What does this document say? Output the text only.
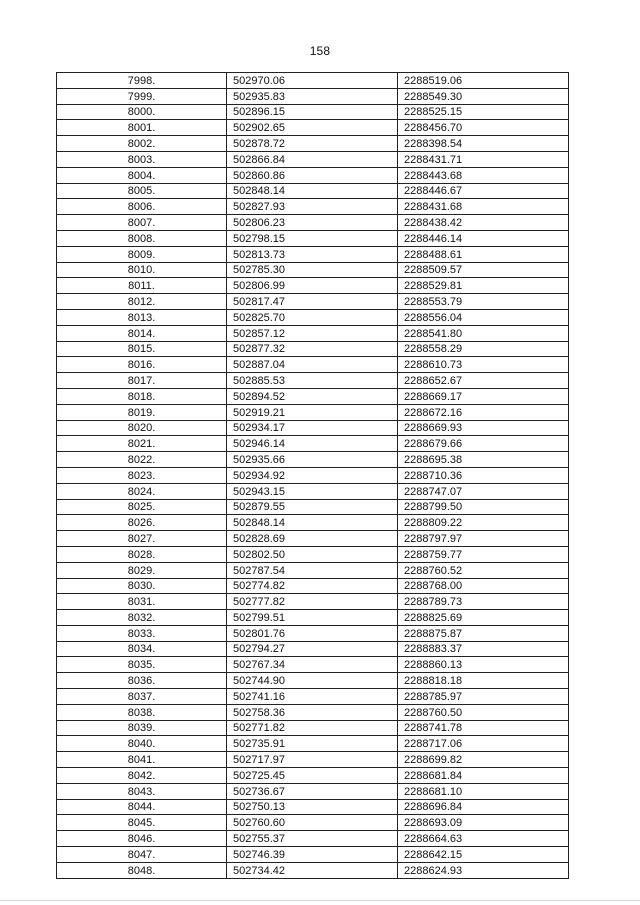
158
7998.	502970.06	2288519.06
7999.	502935.83	2288549.30
8000.	502896.15	2288525.15
8001.	502902.65	2288456.70
8002.	502878.72	2288398.54
8003.	502866.84	2288431.71
8004.	502860.86	2288443.68
8005.	502848.14	2288446.67
8006.	502827.93	2288431.68
8007.	502806.23	2288438.42
8008.	502798.15	2288446.14
8009.	502813.73	2288488.61
8010.	502785.30	2288509.57
8011.	502806.99	2288529.81
8012.	502817.47	2288553.79
8013.	502825.70	2288556.04
8014.	502857.12	2288541.80
8015.	502877.32	2288558.29
8016.	502887.04	2288610.73
8017.	502885.53	2288652.67
8018.	502894.52	2288669.17
8019.	502919.21	2288672.16
8020.	502934.17	2288669.93
8021.	502946.14	2288679.66
8022.	502935.66	2288695.38
8023.	502934.92	2288710.36
8024.	502943.15	2288747.07
8025.	502879.55	2288799.50
8026.	502848.14	2288809.22
8027.	502828.69	2288797.97
8028.	502802.50	2288759.77
8029.	502787.54	2288760.52
8030.	502774.82	2288768.00
8031.	502777.82	2288789.73
8032.	502799.51	2288825.69
8033.	502801.76	2288875.87
8034.	502794.27	2288883.37
8035.	502767.34	2288860.13
8036.	502744.90	2288818.18
8037.	502741.16	2288785.97
8038.	502758.36	2288760.50
8039.	502771.82	2288741.78
8040.	502735.91	2288717.06
8041.	502717.97	2288699.82
8042.	502725.45	2288681.84
8043.	502736.67	2288681.10
8044.	502750.13	2288696.84
8045.	502760.60	2288693.09
8046.	502755.37	2288664.63
8047.	502746.39	2288642.15
8048.	502734.42	2288624.93
